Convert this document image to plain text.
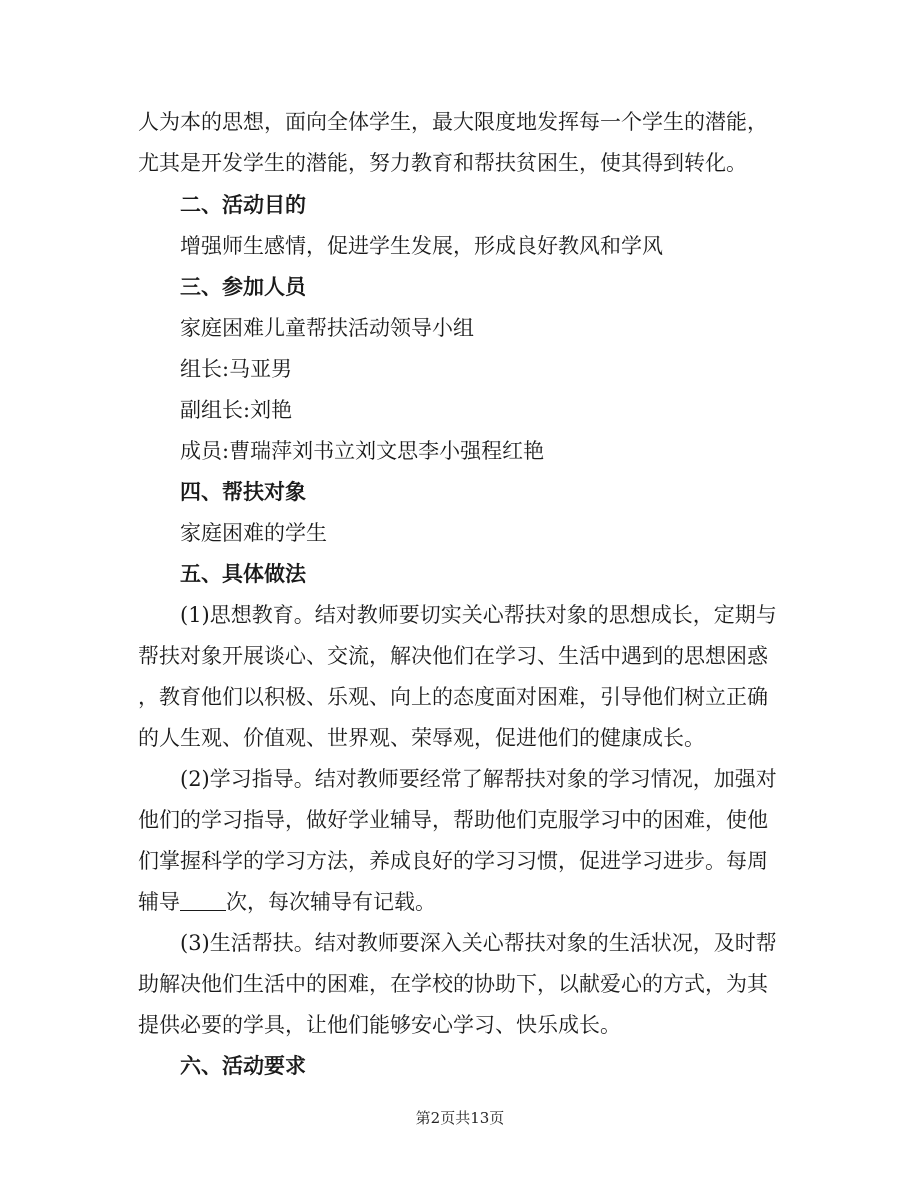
人为本的思想，面向全体学生，最大限度地发挥每一个学生的潜能，
尤其是开发学生的潜能，努力教育和帮扶贫困生，使其得到转化。
二、活动目的
增强师生感情，促进学生发展，形成良好教风和学风
三、参加人员
家庭困难儿童帮扶活动领导小组
组长:马亚男
副组长:刘艳
成员:曹瑞萍刘书立刘文思李小强程红艳
四、帮扶对象
家庭困难的学生
五、具体做法
(1)思想教育。结对教师要切实关心帮扶对象的思想成长，定期与
帮扶对象开展谈心、交流，解决他们在学习、生活中遇到的思想困惑
，教育他们以积极、乐观、向上的态度面对困难，引导他们树立正确
的人生观、价值观、世界观、荣辱观，促进他们的健康成长。
(2)学习指导。结对教师要经常了解帮扶对象的学习情况，加强对
他们的学习指导，做好学业辅导，帮助他们克服学习中的困难，使他
们掌握科学的学习方法，养成良好的学习习惯，促进学习进步。每周
辅导 次，每次辅导有记载。
(3)生活帮扶。结对教师要深入关心帮扶对象的生活状况，及时帮
助解决他们生活中的困难，在学校的协助下，以献爱心的方式，为其
提供必要的学具，让他们能够安心学习、快乐成长。
六、活动要求
第2页共13页
